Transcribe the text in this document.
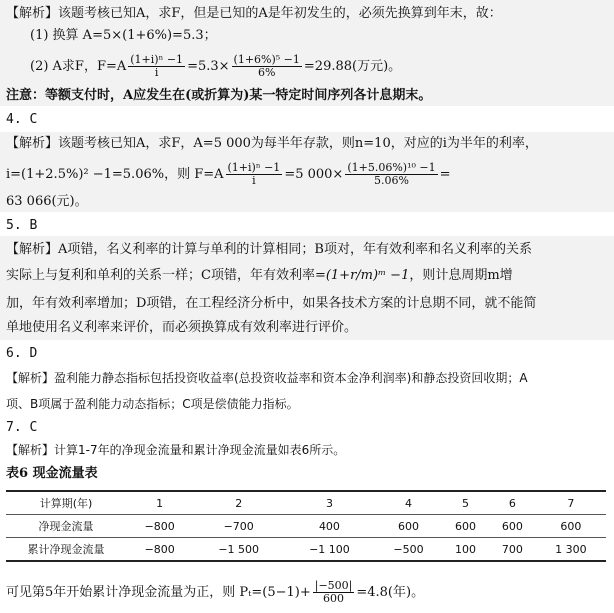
【解析】该题考核已知A，求F，但是已知的A是年初发生的，必须先换算到年末，故：
(1) 换算 A=5×(1+6%)=5.3；
(2) A求F，$F=A \frac{\text{(1+i)ⁿ −1}}{i} =5.3\times \frac{\text{(1+6\%)⁵ −1}}{6\%} =29.88$(万元)。
注意：等额支付时，A应发生在(或折算为)某一特定时间序列各计息期末。
4. C
【解析】该题考核已知A，求F，A=5 000为每半年存款，则n=10，对应的i为半年的利率，
i=(1+2.5%)² −1=5.06%，则 $F=A \frac{\text{(1+i)ⁿ −1}}{i} =5$ $000\times \frac{\text{(1+5.06\%)¹⁰ −1}}{5.06\%}$ =
63 066(元)。
5. B
【解析】A项错，名义利率的计算与单利的计算相同；B项对，年有效利率和名义利率的关系
实际上与复利和单利的关系一样；C项错，年有效利率=(1+r/m)ᵐ −1，则计息周期m增
加，年有效利率增加；D项错，在工程经济分析中，如果各技术方案的计息期不同，就不能简
单地使用名义利率来评价，而必须换算成有效利率进行评价。
6. D
【解析】盈利能力静态指标包括投资收益率(总投资收益率和资本金净利润率)和静态投资回收期；A
项、B项属于盈利能力动态指标；C项是偿债能力指标。
7. C
【解析】计算1-7年的净现金流量和累计净现金流量如表6所示。
表6 现金流量表
计算期(年)	1	2	3	4	5	6	7
净现金流量	−800	−700	400	600	600	600	600
累计净现金流量	−800	−1 500	−1 100	−500	100	700	1 300
可见第5年开始累计净现金流量为正，则 $P_t=(5-1)+ \frac{|-500|}{600} =4.8$(年)。
